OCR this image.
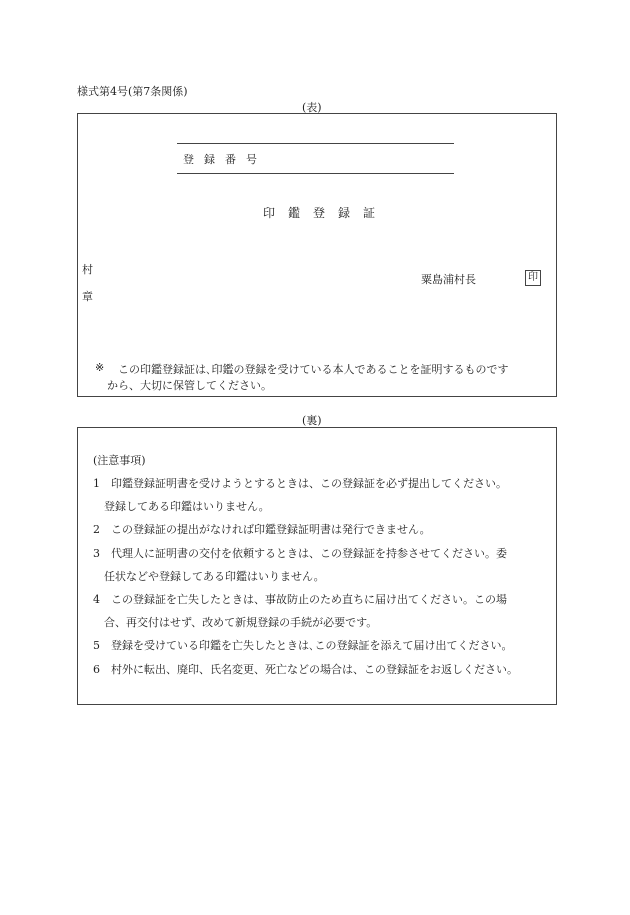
様式第4号(第7条関係)
(表)
登録番号
印鑑登録証
村
章
粟島浦村長	印
※ この印鑑登録証は､印鑑の登録を受けている本人であることを証明するものです
から、大切に保管してください。
(裏)
(注意事項)
1　印鑑登録証明書を受けようとするときは、この登録証を必ず提出してください。
　登録してある印鑑はいりません。
2　この登録証の提出がなければ印鑑登録証明書は発行できません。
3　代理人に証明書の交付を依頼するときは、この登録証を持参させてください。委
　任状などや登録してある印鑑はいりません。
4　この登録証を亡失したときは、事故防止のため直ちに届け出てください。この場
　合、再交付はせず、改めて新規登録の手続が必要です。
5　登録を受けている印鑑を亡失したときは､この登録証を添えて届け出てください。
6　村外に転出、廃印、氏名変更、死亡などの場合は、この登録証をお返しください。
